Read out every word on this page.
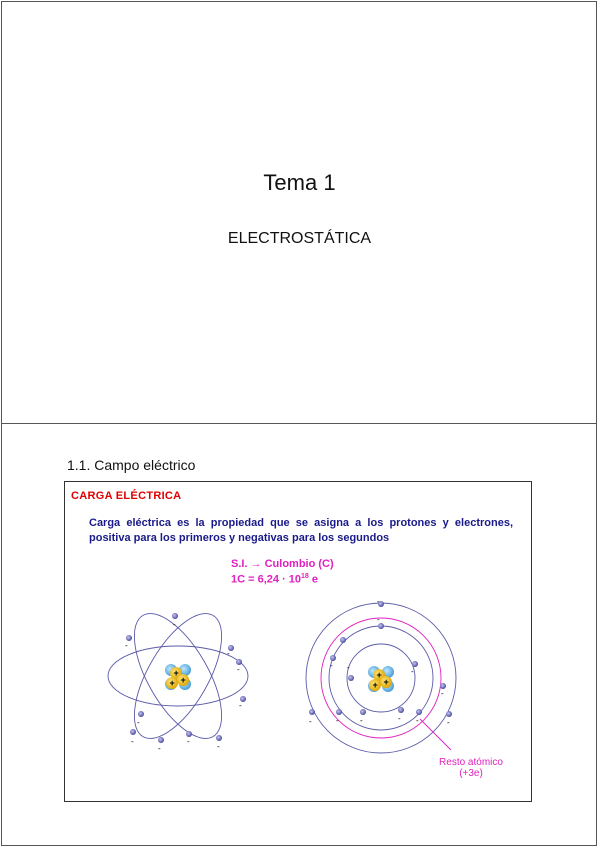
Tema 1
ELECTROSTÁTICA
1.1. Campo eléctrico
CARGA ELÉCTRICA
Carga eléctrica es la propiedad que se asigna a los protones y electrones, positiva para los primeros y negativas para los segundos
S.I. → Culombio (C)
$1C = 6,24 \cdot 10^{18}$ e
+
+
+
-
-
-
-
-
-
-
-
-
-
+
+
+
-
-
- -	-
-
-	-	- -
-	-
Resto atómico
(+3e)
